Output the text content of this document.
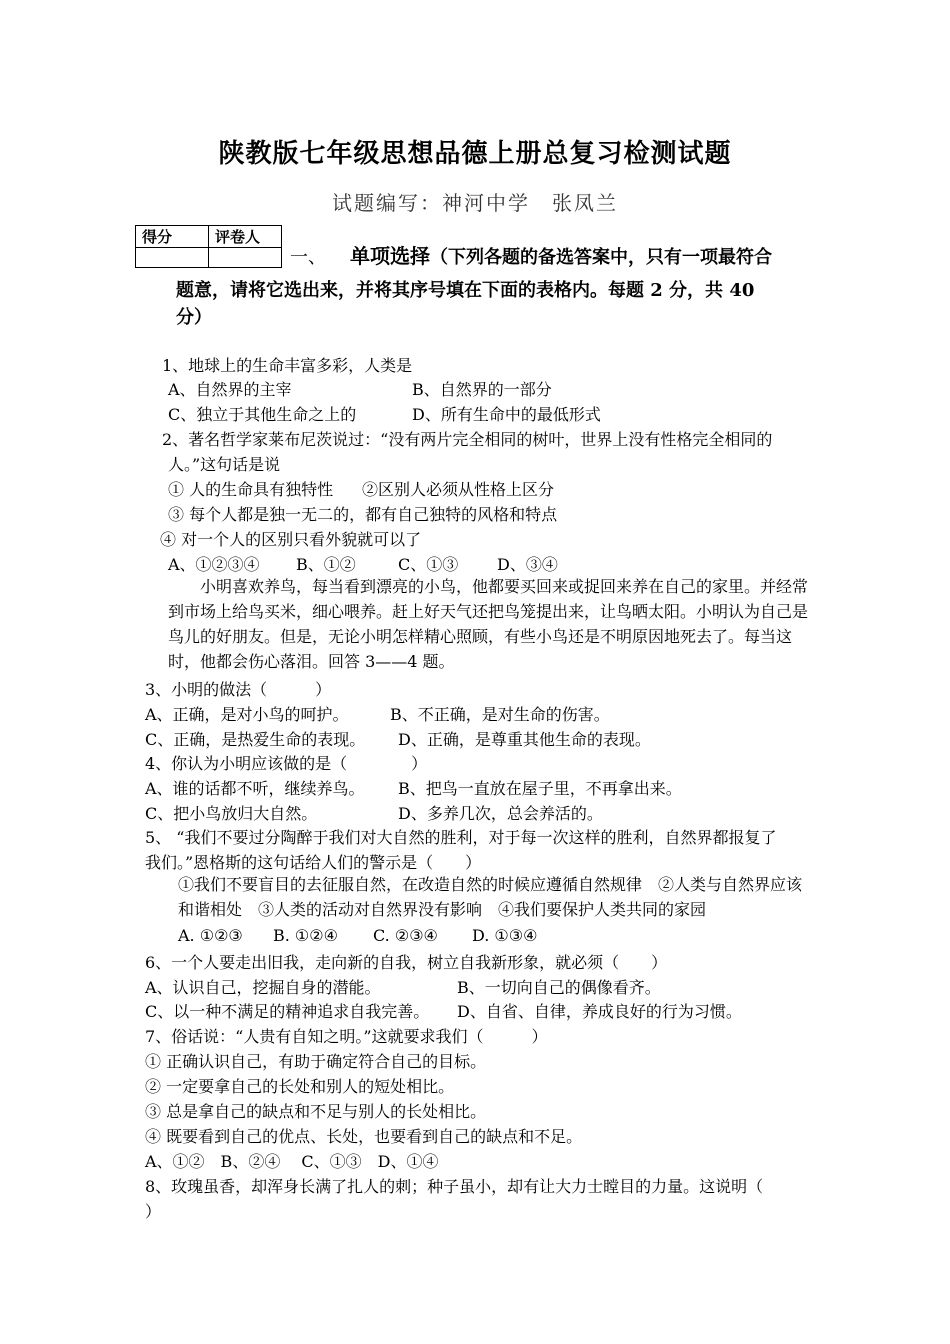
陕教版七年级思想品德上册总复习检测试题
试题编写：神河中学　张凤兰
得分	评卷人

一、 单项选择（下列各题的备选答案中，只有一项最符合
题意，请将它选出来，并将其序号填在下面的表格内。每题 2 分，共 40
分）
1、地球上的生命丰富多彩，人类是
A、自然界的主宰	B、自然界的一部分
C、独立于其他生命之上的	D、所有生命中的最低形式
2、著名哲学家莱布尼茨说过：“没有两片完全相同的树叶，世界上没有性格完全相同的
人。”这句话是说
① 人的生命具有独特性 ②区别人必须从性格上区分
③ 每个人都是独一无二的，都有自己独特的风格和特点
④ 对一个人的区别只看外貌就可以了
A、①②③④ B、①②	C、①③ D、③④
小明喜欢养鸟，每当看到漂亮的小鸟，他都要买回来或捉回来养在自己的家里。并经常到市场上给鸟买米，细心喂养。赶上好天气还把鸟笼提出来，让鸟晒太阳。小明认为自己是鸟儿的好朋友。但是，无论小明怎样精心照顾，有些小鸟还是不明原因地死去了。每当这时，他都会伤心落泪。回答 3——4 题。
3、小明的做法（　　　）
A、正确，是对小鸟的呵护。	B、不正确，是对生命的伤害。
C、正确，是热爱生命的表现。 D、正确，是尊重其他生命的表现。
4、你认为小明应该做的是（　　　　）
A、谁的话都不听，继续养鸟。 B、把鸟一直放在屋子里，不再拿出来。
C、把小鸟放归大自然。	D、多养几次，总会养活的。
5、 “我们不要过分陶醉于我们对大自然的胜利，对于每一次这样的胜利，自然界都报复了
我们。”恩格斯的这句话给人们的警示是（　　）
①我们不要盲目的去征服自然，在改造自然的时候应遵循自然规律　②人类与自然界应该和谐相处　③人类的活动对自然界没有影响　④我们要保护人类共同的家园
A. ①②③ B. ①②④ C. ②③④ D. ①③④
6、一个人要走出旧我，走向新的自我，树立自我新形象，就必须（　　）
A、认识自己，挖掘自身的潜能。	B、一切向自己的偶像看齐。
C、以一种不满足的精神追求自我完善。 D、自省、自律，养成良好的行为习惯。
7、俗话说：“人贵有自知之明。”这就要求我们（　　　）
① 正确认识自己，有助于确定符合自己的目标。
② 一定要拿自己的长处和别人的短处相比。
③ 总是拿自己的缺点和不足与别人的长处相比。
④ 既要看到自己的优点、长处，也要看到自己的缺点和不足。
A、①②　B、②④　 C、①③　D、①④
8、玫瑰虽香，却浑身长满了扎人的刺；种子虽小，却有让大力士瞠目的力量。这说明（
）
